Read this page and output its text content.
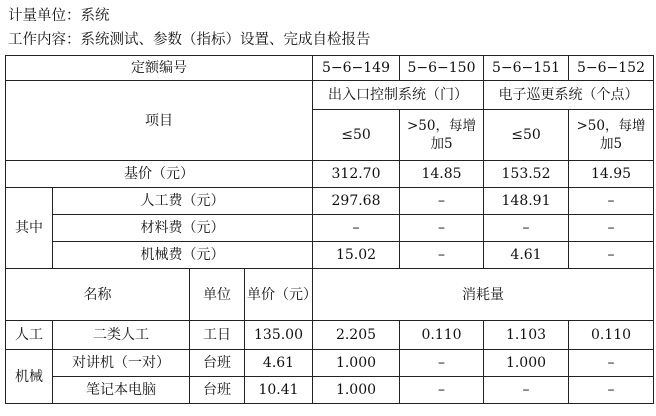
计量单位：系统
工作内容：系统测试、参数（指标）设置、完成自检报告
定额编号				5−6−149	5−6−150	5−6−151	5−6−152
项目				出入口控制系统（门）		电子巡更系统（个点）	
				≤50	>50，每增加5	≤50	>50，每增加5
基价（元）				312.70	14.85	153.52	14.95
其中	人工费（元）			297.68	–	148.91	–
	材料费（元）			–	–	–	–
	机械费（元）			15.02	–	4.61	–
名称		单位	单价（元）	消耗量			
人工	二类人工	工日	135.00	2.205	0.110	1.103	0.110
机械	对讲机（一对）	台班	4.61	1.000	–	1.000	–
	笔记本电脑	台班	10.41	1.000	–	–	–
